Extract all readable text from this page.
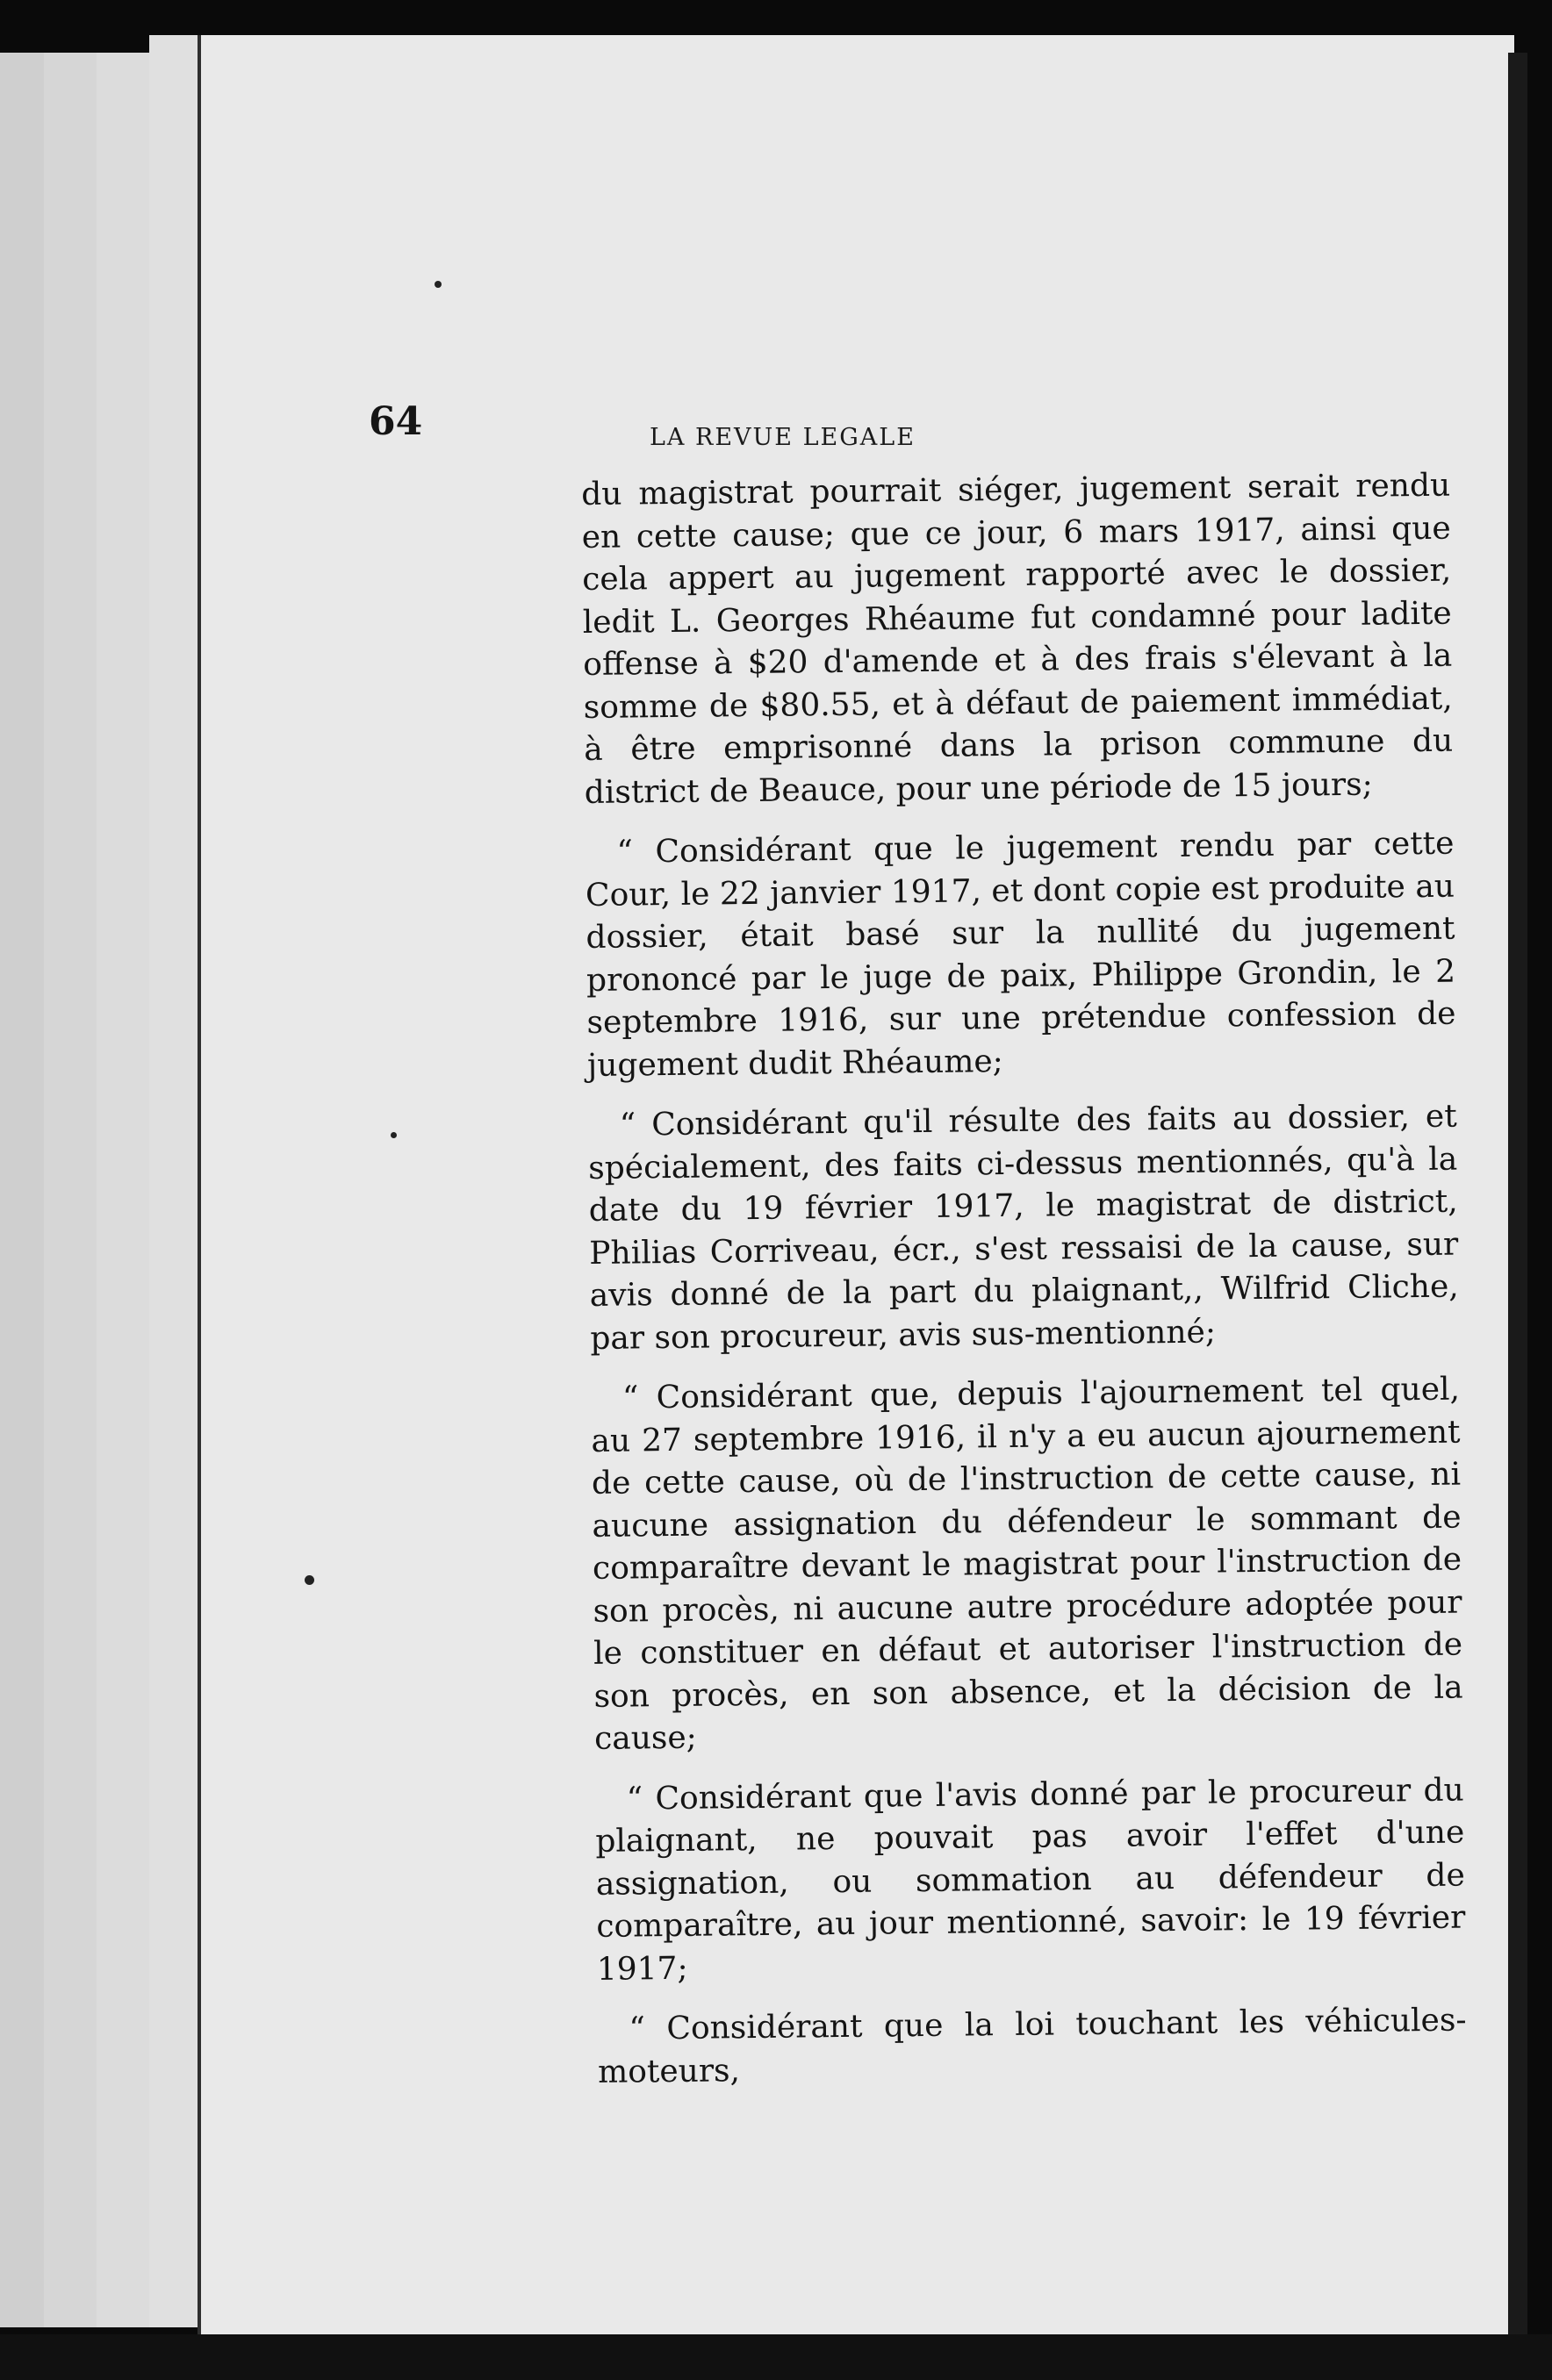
64	LA REVUE LEGALE

du magistrat pourrait siéger, jugement serait rendu en cette cause; que ce jour, 6 mars 1917, ainsi que cela appert au jugement rapporté avec le dossier, ledit L. Georges Rhéaume fut condamné pour ladite offense à $20 d'amende et à des frais s'élevant à la somme de $80.55, et à défaut de paiement immédiat, à être emprisonné dans la prison commune du district de Beauce, pour une période de 15 jours;

“ Considérant que le jugement rendu par cette Cour, le 22 janvier 1917, et dont copie est produite au dossier, était basé sur la nullité du jugement prononcé par le juge de paix, Philippe Grondin, le 2 septembre 1916, sur une prétendue confession de jugement dudit Rhéaume;

“ Considérant qu'il résulte des faits au dossier, et spécialement, des faits ci-dessus mentionnés, qu'à la date du 19 février 1917, le magistrat de district, Philias Corriveau, écr., s'est ressaisi de la cause, sur avis donné de la part du plaignant,, Wilfrid Cliche, par son procureur, avis sus-mentionné;

“ Considérant que, depuis l'ajournement tel quel, au 27 septembre 1916, il n'y a eu aucun ajournement de cette cause, où de l'instruction de cette cause, ni aucune assignation du défendeur le sommant de comparaître devant le magistrat pour l'instruction de son procès, ni aucune autre procédure adoptée pour le constituer en défaut et autoriser l'instruction de son procès, en son absence, et la décision de la cause;

“ Considérant que l'avis donné par le procureur du plaignant, ne pouvait pas avoir l'effet d'une assignation, ou sommation au défendeur de comparaître, au jour mentionné, savoir: le 19 février 1917;

“ Considérant que la loi touchant les véhicules-moteurs,
